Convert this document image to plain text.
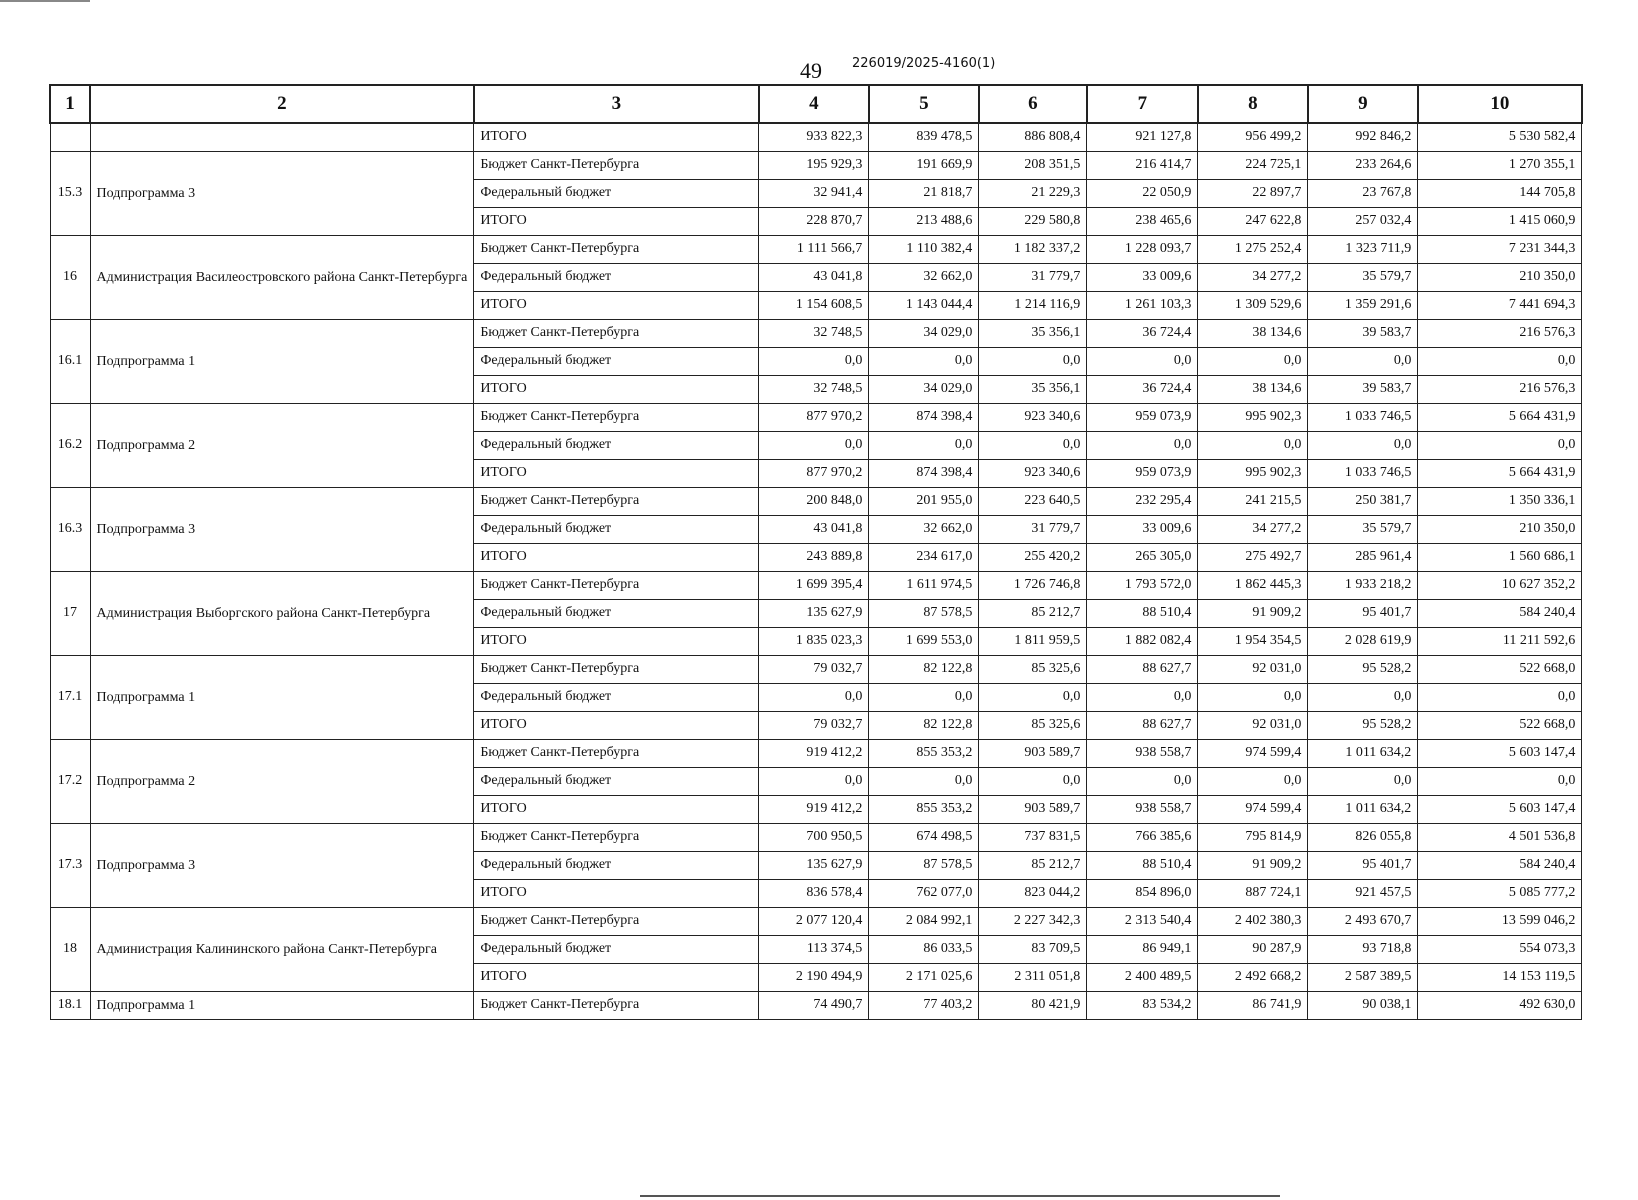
49 226019/2025-4160(1)
1	2	3	4	5	6	7	8	9	10
		ИТОГО	933 822,3	839 478,5	886 808,4	921 127,8	956 499,2	992 846,2	5 530 582,4
15.3	Подпрограмма 3	Бюджет Санкт-Петербурга	195 929,3	191 669,9	208 351,5	216 414,7	224 725,1	233 264,6	1 270 355,1
		Федеральный бюджет	32 941,4	21 818,7	21 229,3	22 050,9	22 897,7	23 767,8	144 705,8
		ИТОГО	228 870,7	213 488,6	229 580,8	238 465,6	247 622,8	257 032,4	1 415 060,9
16	Администрация Василеостровского района Санкт-Петербурга	Бюджет Санкт-Петербурга	1 111 566,7	1 110 382,4	1 182 337,2	1 228 093,7	1 275 252,4	1 323 711,9	7 231 344,3
		Федеральный бюджет	43 041,8	32 662,0	31 779,7	33 009,6	34 277,2	35 579,7	210 350,0
		ИТОГО	1 154 608,5	1 143 044,4	1 214 116,9	1 261 103,3	1 309 529,6	1 359 291,6	7 441 694,3
16.1	Подпрограмма 1	Бюджет Санкт-Петербурга	32 748,5	34 029,0	35 356,1	36 724,4	38 134,6	39 583,7	216 576,3
		Федеральный бюджет	0,0	0,0	0,0	0,0	0,0	0,0	0,0
		ИТОГО	32 748,5	34 029,0	35 356,1	36 724,4	38 134,6	39 583,7	216 576,3
16.2	Подпрограмма 2	Бюджет Санкт-Петербурга	877 970,2	874 398,4	923 340,6	959 073,9	995 902,3	1 033 746,5	5 664 431,9
		Федеральный бюджет	0,0	0,0	0,0	0,0	0,0	0,0	0,0
		ИТОГО	877 970,2	874 398,4	923 340,6	959 073,9	995 902,3	1 033 746,5	5 664 431,9
16.3	Подпрограмма 3	Бюджет Санкт-Петербурга	200 848,0	201 955,0	223 640,5	232 295,4	241 215,5	250 381,7	1 350 336,1
		Федеральный бюджет	43 041,8	32 662,0	31 779,7	33 009,6	34 277,2	35 579,7	210 350,0
		ИТОГО	243 889,8	234 617,0	255 420,2	265 305,0	275 492,7	285 961,4	1 560 686,1
17	Администрация Выборгского района Санкт-Петербурга	Бюджет Санкт-Петербурга	1 699 395,4	1 611 974,5	1 726 746,8	1 793 572,0	1 862 445,3	1 933 218,2	10 627 352,2
		Федеральный бюджет	135 627,9	87 578,5	85 212,7	88 510,4	91 909,2	95 401,7	584 240,4
		ИТОГО	1 835 023,3	1 699 553,0	1 811 959,5	1 882 082,4	1 954 354,5	2 028 619,9	11 211 592,6
17.1	Подпрограмма 1	Бюджет Санкт-Петербурга	79 032,7	82 122,8	85 325,6	88 627,7	92 031,0	95 528,2	522 668,0
		Федеральный бюджет	0,0	0,0	0,0	0,0	0,0	0,0	0,0
		ИТОГО	79 032,7	82 122,8	85 325,6	88 627,7	92 031,0	95 528,2	522 668,0
17.2	Подпрограмма 2	Бюджет Санкт-Петербурга	919 412,2	855 353,2	903 589,7	938 558,7	974 599,4	1 011 634,2	5 603 147,4
		Федеральный бюджет	0,0	0,0	0,0	0,0	0,0	0,0	0,0
		ИТОГО	919 412,2	855 353,2	903 589,7	938 558,7	974 599,4	1 011 634,2	5 603 147,4
17.3	Подпрограмма 3	Бюджет Санкт-Петербурга	700 950,5	674 498,5	737 831,5	766 385,6	795 814,9	826 055,8	4 501 536,8
		Федеральный бюджет	135 627,9	87 578,5	85 212,7	88 510,4	91 909,2	95 401,7	584 240,4
		ИТОГО	836 578,4	762 077,0	823 044,2	854 896,0	887 724,1	921 457,5	5 085 777,2
18	Администрация Калининского района Санкт-Петербурга	Бюджет Санкт-Петербурга	2 077 120,4	2 084 992,1	2 227 342,3	2 313 540,4	2 402 380,3	2 493 670,7	13 599 046,2
		Федеральный бюджет	113 374,5	86 033,5	83 709,5	86 949,1	90 287,9	93 718,8	554 073,3
		ИТОГО	2 190 494,9	2 171 025,6	2 311 051,8	2 400 489,5	2 492 668,2	2 587 389,5	14 153 119,5
18.1	Подпрограмма 1	Бюджет Санкт-Петербурга	74 490,7	77 403,2	80 421,9	83 534,2	86 741,9	90 038,1	492 630,0
